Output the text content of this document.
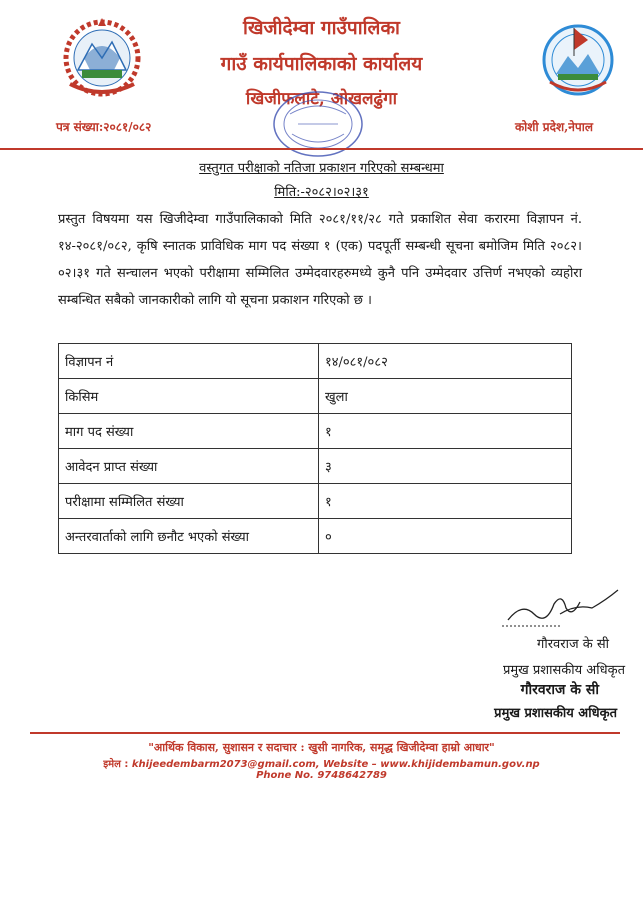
खिजीदेम्वा गाउँपालिका
गाउँ कार्यपालिकाको कार्यालय
खिजीफलाटे, ओखलढुंगा
पत्र संख्या:२०८१/०८२	कोशी प्रदेश,नेपाल
वस्तुगत परीक्षाको नतिजा प्रकाशन गरिएको सम्बन्धमा
मिति:-२०८२।०२।३१
प्रस्तुत विषयमा यस खिजीदेम्वा गाउँपालिकाको मिति २०८१/११/२८ गते प्रकाशित सेवा करारमा विज्ञापन नं. १४-२०८१/०८२, कृषि स्नातक प्राविधिक माग पद संख्या १ (एक) पदपूर्ती सम्बन्धी सूचना बमोजिम मिति २०८२।०२।३१ गते सन्चालन भएको परीक्षामा सम्मिलित उम्मेदवारहरुमध्ये कुनै पनि उम्मेदवार उत्तिर्ण नभएको व्यहोरा सम्बन्धित सबैको जानकारीको लागि यो सूचना प्रकाशन गरिएको छ ।
विज्ञापन नं	१४/०८१/०८२
किसिम	खुला
माग पद संख्या	१
आवेदन प्राप्त संख्या	३
परीक्षामा सम्मिलित संख्या	१
अन्तरवार्ताको लागि छनौट भएको संख्या	०
गौरवराज के सी
प्रमुख प्रशासकीय अधिकृत
गौरवराज के सी
प्रमुख प्रशासकीय अधिकृत
"आर्थिक विकास, सुशासन र सदाचार : खुसी नागरिक, समृद्ध खिजीदेम्वा हाम्रो आधार"
इमेल : khijeedembarm2073@gmail.com, Website – www.khijidembamun.gov.np
Phone No. 9748642789
